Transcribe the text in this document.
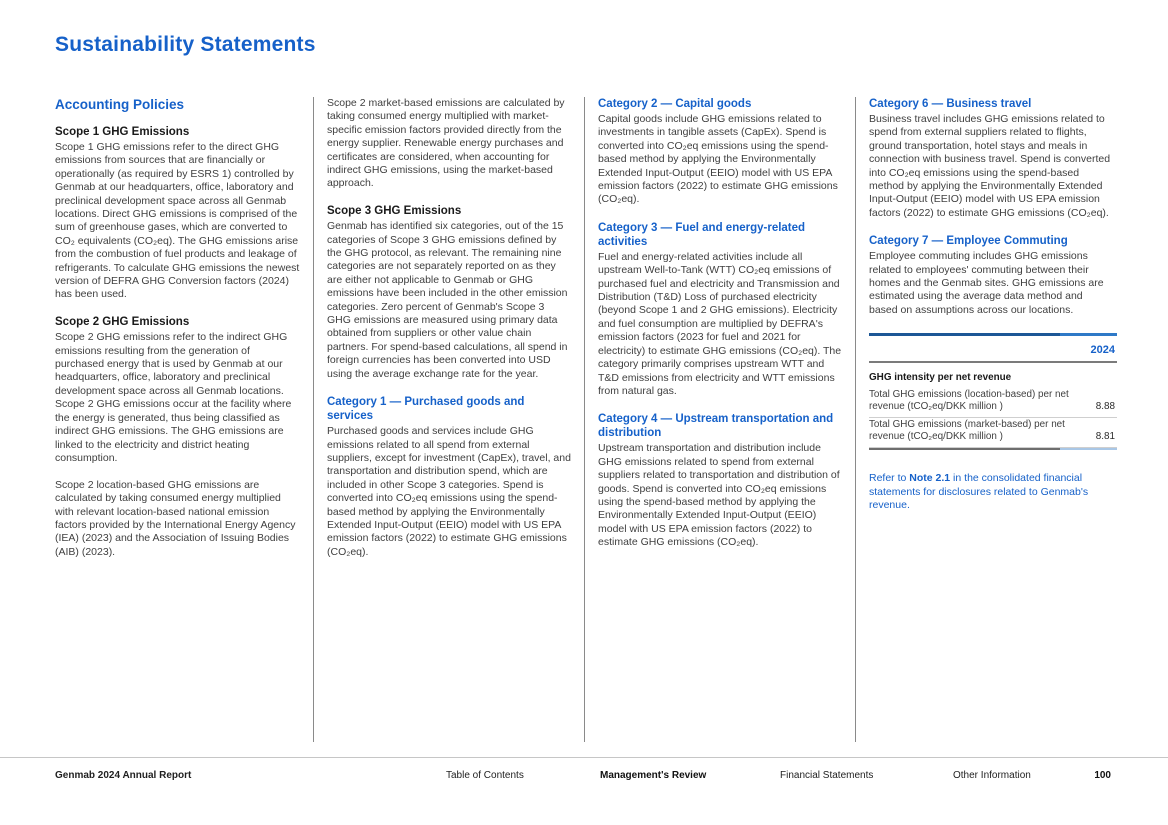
Sustainability Statements
Accounting Policies
Scope 1 GHG Emissions

Scope 1 GHG emissions refer to the direct GHG emissions from sources that are financially or operationally (as required by ESRS 1) controlled by Genmab at our headquarters, office, laboratory and preclinical development space across all Genmab locations. Direct GHG emissions is comprised of the sum of greenhouse gases, which are converted to CO₂ equivalents (CO₂eq). The GHG emissions arise from the combustion of fuel products and leakage of refrigerants. To calculate GHG emissions the newest version of DEFRA GHG Conversion factors (2024) has been used.

Scope 2 GHG Emissions

Scope 2 GHG emissions refer to the indirect GHG emissions resulting from the generation of purchased energy that is used by Genmab at our headquarters, office, laboratory and preclinical development space across all Genmab locations. Scope 2 GHG emissions occur at the facility where the energy is generated, thus being classified as indirect GHG emissions. The GHG emissions are linked to the electricity and district heating consumption.

Scope 2 location-based GHG emissions are calculated by taking consumed energy multiplied with relevant location-based national emission factors provided by the International Energy Agency (IEA) (2023) and the Association of Issuing Bodies (AIB) (2023).

Scope 2 market-based emissions are calculated by taking consumed energy multiplied with market-specific emission factors provided directly from the energy supplier. Renewable energy purchases and certificates are considered, when accounting for indirect GHG emissions, using the market-based approach.

Scope 3 GHG Emissions

Genmab has identified six categories, out of the 15 categories of Scope 3 GHG emissions defined by the GHG protocol, as relevant. The remaining nine categories are not separately reported on as they are either not applicable to Genmab or GHG emissions have been included in the other emission categories. Zero percent of Genmab's Scope 3 GHG emissions are measured using primary data obtained from suppliers or other value chain partners. For spend-based calculations, all spend in foreign currencies has been converted into USD using the average exchange rate for the year.

Category 1 — Purchased goods and services

Purchased goods and services include GHG emissions related to all spend from external suppliers, except for investment (CapEx), travel, and transportation and distribution spend, which are included in other Scope 3 categories. Spend is converted into CO₂eq emissions using the spend-based method by applying the Environmentally Extended Input-Output (EEIO) model with US EPA emission factors (2022) to estimate GHG emissions (CO₂eq).

Category 2 — Capital goods

Capital goods include GHG emissions related to investments in tangible assets (CapEx). Spend is converted into CO₂eq emissions using the spend-based method by applying the Environmentally Extended Input-Output (EEIO) model with US EPA emission factors (2022) to estimate GHG emissions (CO₂eq).

Category 3 — Fuel and energy-related activities

Fuel and energy-related activities include all upstream Well-to-Tank (WTT) CO₂eq emissions of purchased fuel and electricity and Transmission and Distribution (T&D) Loss of purchased electricity (beyond Scope 1 and 2 GHG emissions). Electricity and fuel consumption are multiplied by DEFRA's emission factors (2023 for fuel and 2021 for electricity) to estimate GHG emissions (CO₂eq). The category primarily comprises upstream WTT and T&D emissions from electricity and WTT emissions from natural gas.

Category 4 — Upstream transportation and distribution

Upstream transportation and distribution include GHG emissions related to spend from external suppliers related to transportation and distribution of goods. Spend is converted into CO₂eq emissions using the spend-based method by applying the Environmentally Extended Input-Output (EEIO) model with US EPA emission factors (2022) to estimate GHG emissions (CO₂eq).

Category 6 — Business travel

Business travel includes GHG emissions related to spend from external suppliers related to flights, ground transportation, hotel stays and meals in connection with business travel. Spend is converted into CO₂eq emissions using the spend-based method by applying the Environmentally Extended Input-Output (EEIO) model with US EPA emission factors (2022) to estimate GHG emissions (CO₂eq).

Category 7 — Employee Commuting

Employee commuting includes GHG emissions related to employees' commuting between their homes and the Genmab sites. GHG emissions are estimated using the average data method and based on assumptions across our locations.

2024
GHG intensity per net revenue
Total GHG emissions (location-based) per net revenue (tCO₂eq/DKK million )	8.88
Total GHG emissions (market-based) per net revenue (tCO₂eq/DKK million )	8.81
Refer to Note 2.1 in the consolidated financial statements for disclosures related to Genmab's revenue.
Genmab 2024 Annual Report	Table of Contents	Management's Review	Financial Statements	Other Information	100
